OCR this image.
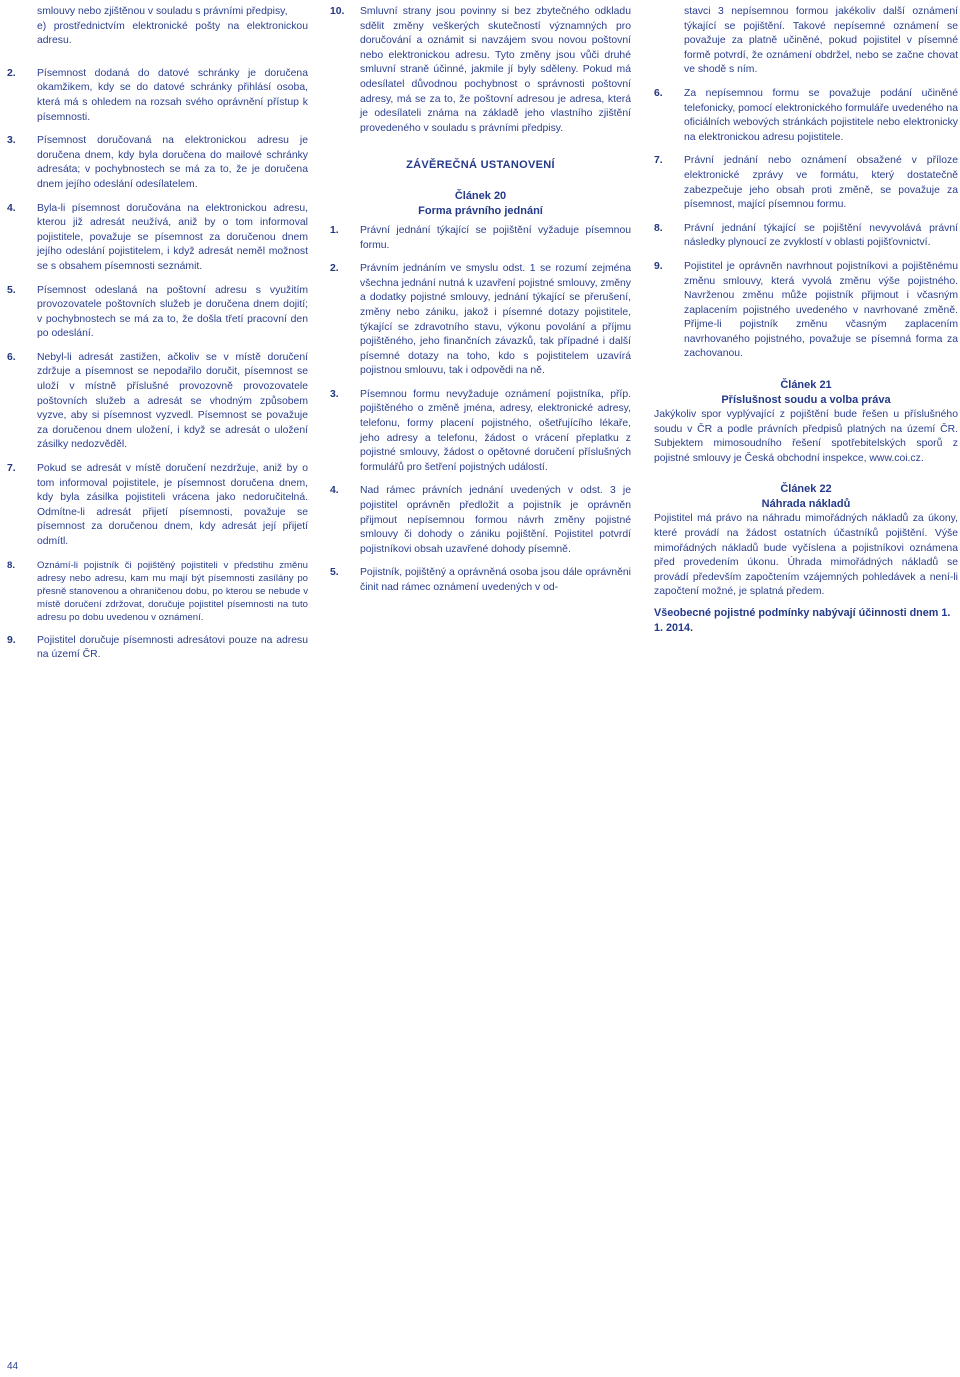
smlouvy nebo zjištěnou v souladu s právními předpisy,

e) prostřednictvím elektronické pošty na elektronickou adresu.

2. Písemnost dodaná do datové schránky je doručena okamžikem, kdy se do datové schránky přihlásí osoba, která má s ohledem na rozsah svého oprávnění přístup k písemnosti.
3. Písemnost doručovaná na elektronickou adresu je doručena dnem, kdy byla doručena do mailové schránky adresáta; v pochybnostech se má za to, že je doručena dnem jejího odeslání odesílatelem.
4. Byla-li písemnost doručována na elektronickou adresu, kterou již adresát neužívá, aniž by o tom informoval pojistitele, považuje se písemnost za doručenou dnem jejího odeslání pojistitelem, i když adresát neměl možnost se s obsahem písemnosti seznámit.
5. Písemnost odeslaná na poštovní adresu s využitím provozovatele poštovních služeb je doručena dnem dojití; v pochybnostech se má za to, že došla třetí pracovní den po odeslání.
6. Nebyl-li adresát zastižen, ačkoliv se v místě doručení zdržuje a písemnost se nepodařilo doručit, písemnost se uloží v místně příslušné provozovně provozovatele poštovních služeb a adresát se vhodným způsobem vyzve, aby si písemnost vyzvedl. Písemnost se považuje za doručenou dnem uložení, i když se adresát o uložení zásilky nedozvěděl.
7. Pokud se adresát v místě doručení nezdržuje, aniž by o tom informoval pojistitele, je písemnost doručena dnem, kdy byla zásilka pojistiteli vrácena jako nedoručitelná. Odmítne-li adresát přijetí písemnosti, považuje se písemnost za doručenou dnem, kdy adresát její přijetí odmítl.
8. Oznámí-li pojistník či pojištěný pojistiteli v předstihu změnu adresy nebo adresu, kam mu mají být písemnosti zasílány po přesně stanovenou a ohraničenou dobu, po kterou se nebude v místě doručení zdržovat, doručuje pojistitel písemnosti na tuto adresu po dobu uvedenou v oznámení.
9. Pojistitel doručuje písemnosti adresátovi pouze na adresu na území ČR.
10. Smluvní strany jsou povinny si bez zbytečného odkladu sdělit změny veškerých skutečností významných pro doručování a oznámit si navzájem svou novou poštovní nebo elektronickou adresu. Tyto změny jsou vůči druhé smluvní straně účinné, jakmile jí byly sděleny. Pokud má odesílatel důvodnou pochybnost o správnosti poštovní adresy, má se za to, že poštovní adresou je adresa, která je odesílateli známa na základě jeho vlastního zjištění provedeného v souladu s právními předpisy.

ZÁVĚREČNÁ USTANOVENÍ

Článek 20

Forma právního jednání

1. Právní jednání týkající se pojištění vyžaduje písemnou formu.
2. Právním jednáním ve smyslu odst. 1 se rozumí zejména všechna jednání nutná k uzavření pojistné smlouvy, změny a dodatky pojistné smlouvy, jednání týkající se přerušení, změny nebo zániku, jakož i písemné dotazy pojistitele, týkající se zdravotního stavu, výkonu povolání a příjmu pojištěného, jeho finančních závazků, tak případné i další písemné dotazy na toho, kdo s pojistitelem uzavírá pojistnou smlouvu, tak i odpovědi na ně.
3. Písemnou formu nevyžaduje oznámení pojistníka, příp. pojištěného o změně jména, adresy, elektronické adresy, telefonu, formy placení pojistného, ošetřujícího lékaře, jeho adresy a telefonu, žádost o vrácení přeplatku z pojistné smlouvy, žádost o opětovné doručení příslušných formulářů pro šetření pojistných událostí.
4. Nad rámec právních jednání uvedených v odst. 3 je pojistitel oprávněn předložit a pojistník je oprávněn přijmout nepísemnou formou návrh změny pojistné smlouvy či dohody o zániku pojištění. Pojistitel potvrdí pojistníkovi obsah uzavřené dohody písemně.
5. Pojistník, pojištěný a oprávněná osoba jsou dále oprávněni činit nad rámec oznámení uvedených v od-

stavci 3 nepísemnou formou jakékoliv další oznámení týkající se pojištění. Takové nepísemné oznámení se považuje za platně učiněné, pokud pojistitel v písemné formě potvrdí, že oznámení obdržel, nebo se začne chovat ve shodě s ním.

6. Za nepísemnou formu se považuje podání učiněné telefonicky, pomocí elektronického formuláře uvedeného na oficiálních webových stránkách pojistitele nebo elektronicky na elektronickou adresu pojistitele.
7. Právní jednání nebo oznámení obsažené v příloze elektronické zprávy ve formátu, který dostatečně zabezpečuje jeho obsah proti změně, se považuje za písemnost, mající písemnou formu.
8. Právní jednání týkající se pojištění nevyvolává právní následky plynoucí ze zvyklostí v oblasti pojišťovnictví.
9. Pojistitel je oprávněn navrhnout pojistníkovi a pojištěnému změnu smlouvy, která vyvolá změnu výše pojistného. Navrženou změnu může pojistník přijmout i včasným zaplacením pojistného uvedeného v navrhované změně. Přijme-li pojistník změnu včasným zaplacením navrhovaného pojistného, považuje se písemná forma za zachovanou.

Článek 21

Příslušnost soudu a volba práva

Jakýkoliv spor vyplývající z pojištění bude řešen u příslušného soudu v ČR a podle právních předpisů platných na území ČR. Subjektem mimosoudního řešení spotřebitelských sporů z pojistné smlouvy je Česká obchodní inspekce, www.coi.cz.

Článek 22

Náhrada nákladů

Pojistitel má právo na náhradu mimořádných nákladů za úkony, které provádí na žádost ostatních účastníků pojištění. Výše mimořádných nákladů bude vyčíslena a pojistníkovi oznámena před provedením úkonu. Úhrada mimořádných nákladů se provádí především započtením vzájemných pohledávek a není-li započtení možné, je splatná předem.

Všeobecné pojistné podmínky nabývají účinnosti dnem 1. 1. 2014.

44
